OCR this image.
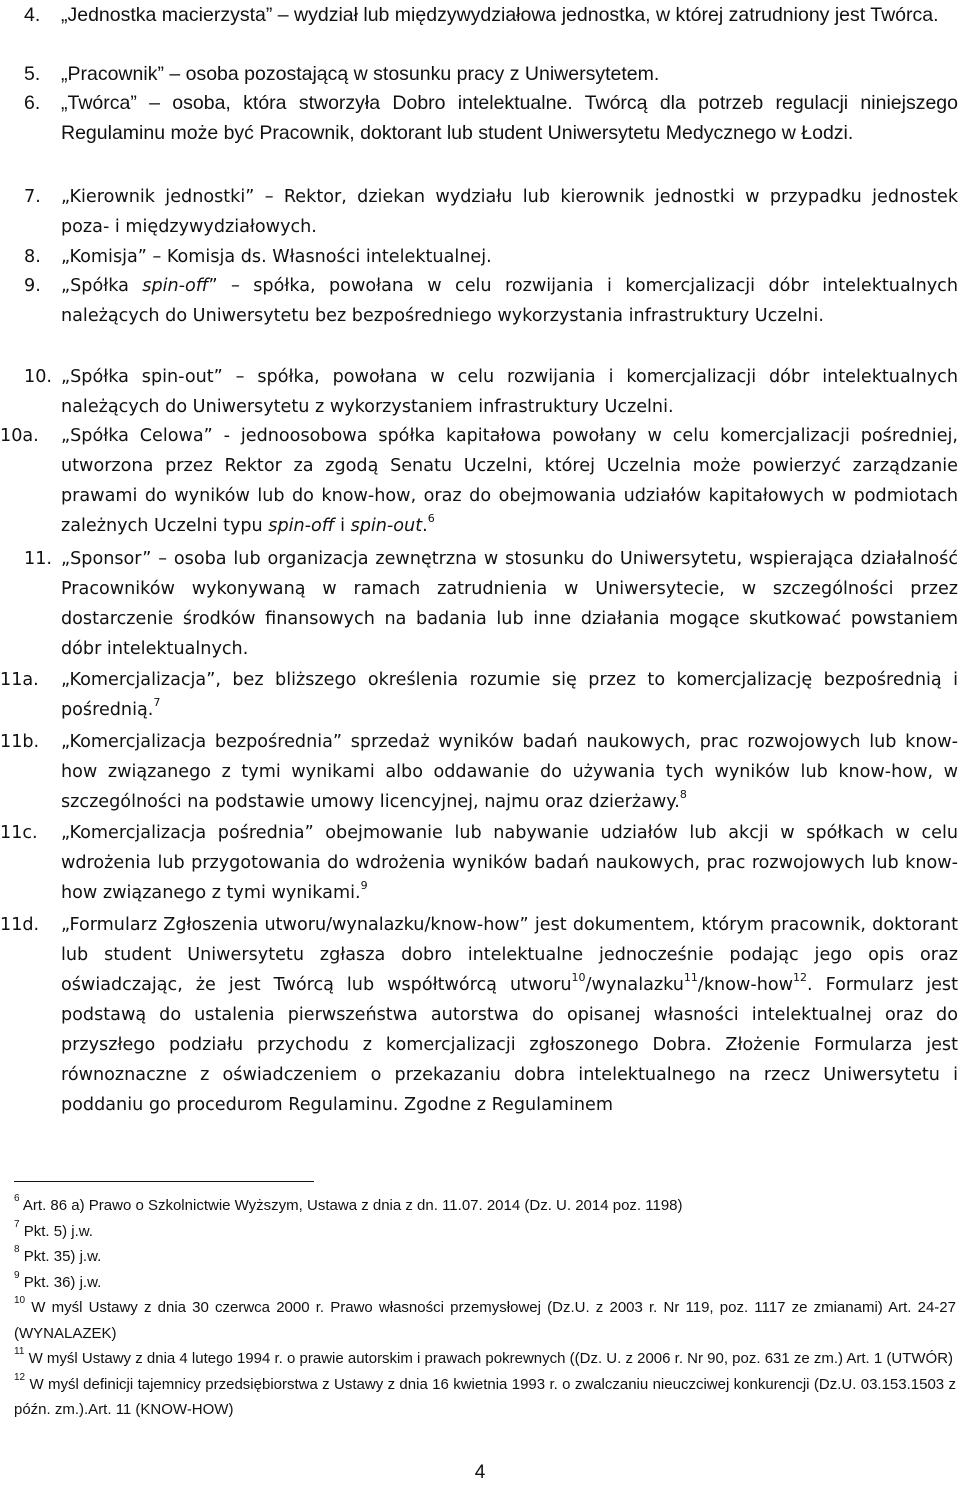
4.	„Jednostka macierzysta” – wydział lub międzywydziałowa jednostka, w której zatrudniony jest Twórca.
5.	„Pracownik” – osoba pozostającą w stosunku pracy z Uniwersytetem.
6.	„Twórca” – osoba, która stworzyła Dobro intelektualne. Twórcą dla potrzeb regulacji niniejszego Regulaminu może być Pracownik, doktorant lub student Uniwersytetu Medycznego w Łodzi.
7.	„Kierownik jednostki” – Rektor, dziekan wydziału lub kierownik jednostki w przypadku jednostek poza- i międzywydziałowych.
8.	„Komisja” – Komisja ds. Własności intelektualnej.
9.	„Spółka spin-off” – spółka, powołana w celu rozwijania i komercjalizacji dóbr intelektualnych należących do Uniwersytetu bez bezpośredniego wykorzystania infrastruktury Uczelni.
10. „Spółka spin-out” – spółka, powołana w celu rozwijania i komercjalizacji dóbr intelektualnych należących do Uniwersytetu z wykorzystaniem infrastruktury Uczelni.
10a.	„Spółka Celowa” - jednoosobowa spółka kapitałowa powołany w celu komercjalizacji pośredniej, utworzona przez Rektor za zgodą Senatu Uczelni, której Uczelnia może powierzyć zarządzanie prawami do wyników lub do know-how, oraz do obejmowania udziałów kapitałowych w podmiotach zależnych Uczelni typu spin-off i spin-out.$^6$
11. „Sponsor” – osoba lub organizacja zewnętrzna w stosunku do Uniwersytetu, wspierająca działalność Pracowników wykonywaną w ramach zatrudnienia w Uniwersytecie, w szczególności przez dostarczenie środków finansowych na badania lub inne działania mogące skutkować powstaniem dóbr intelektualnych.
11a.	„Komercjalizacja”, bez bliższego określenia rozumie się przez to komercjalizację bezpośrednią i pośrednią.$^7$
11b.	„Komercjalizacja bezpośrednia” sprzedaż wyników badań naukowych, prac rozwojowych lub know-how związanego z tymi wynikami albo oddawanie do używania tych wyników lub know-how, w szczególności na podstawie umowy licencyjnej, najmu oraz dzierżawy.$^8$
11c.	„Komercjalizacja pośrednia” obejmowanie lub nabywanie udziałów lub akcji w spółkach w celu wdrożenia lub przygotowania do wdrożenia wyników badań naukowych, prac rozwojowych lub know-how związanego z tymi wynikami.$^9$
11d.	„Formularz Zgłoszenia utworu/wynalazku/know-how” jest dokumentem, którym pracownik, doktorant lub student Uniwersytetu zgłasza dobro intelektualne jednocześnie podając jego opis oraz oświadczając, że jest Twórcą lub współtwórcą utworu$^{10}$/wynalazku$^{11}$/know-how$^{12}$. Formularz jest podstawą do ustalenia pierwszeństwa autorstwa do opisanej własności intelektualnej oraz do przyszłego podziału przychodu z komercjalizacji zgłoszonego Dobra. Złożenie Formularza jest równoznaczne z oświadczeniem o przekazaniu dobra intelektualnego na rzecz Uniwersytetu i poddaniu go procedurom Regulaminu. Zgodne z Regulaminem
$^6$ Art. 86 a) Prawo o Szkolnictwie Wyższym, Ustawa z dnia z dn. 11.07. 2014 (Dz. U. 2014 poz. 1198)
$^7$ Pkt. 5) j.w.
$^8$ Pkt. 35) j.w.
$^9$ Pkt. 36) j.w.
$^{10}$ W myśl Ustawy z dnia 30 czerwca 2000 r. Prawo własności przemysłowej (Dz.U. z 2003 r. Nr 119, poz. 1117 ze zmianami) Art. 24-27 (WYNALAZEK)
$^{11}$ W myśl Ustawy z dnia 4 lutego 1994 r. o prawie autorskim i prawach pokrewnych ((Dz. U. z 2006 r. Nr 90, poz. 631 ze zm.) Art. 1 (UTWÓR)
$^{12}$ W myśl definicji tajemnicy przedsiębiorstwa z Ustawy z dnia 16 kwietnia 1993 r. o zwalczaniu nieuczciwej konkurencji (Dz.U. 03.153.1503 z późn. zm.).Art. 11 (KNOW-HOW)
4
